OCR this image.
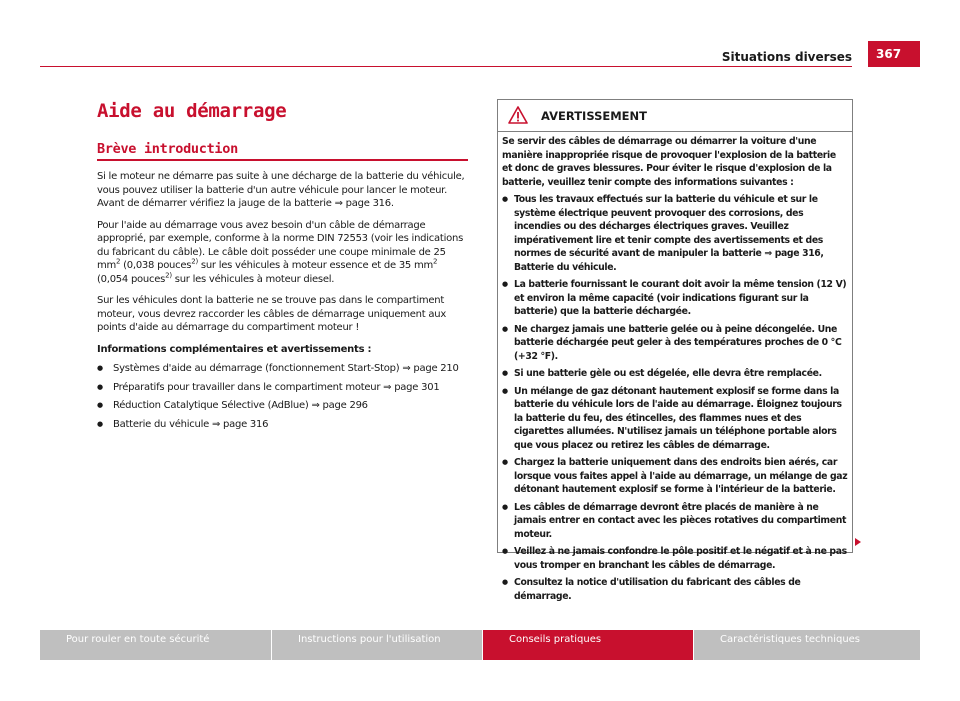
Situations diverses	367
Aide au démarrage
Brève introduction

Si le moteur ne démarre pas suite à une décharge de la batterie du véhicule, vous pouvez utiliser la batterie d'un autre véhicule pour lancer le moteur. Avant de démarrer vérifiez la jauge de la batterie ⇒ page 316.

Pour l'aide au démarrage vous avez besoin d'un câble de démarrage approprié, par exemple, conforme à la norme DIN 72553 (voir les indications du fabricant du câble). Le câble doit posséder une coupe minimale de 25 $mm^2$ (0,038 pouces$^{2)}$ sur les véhicules à moteur essence et de 35 $mm^2$ (0,054 pouces$^{2)}$ sur les véhicules à moteur diesel.

Sur les véhicules dont la batterie ne se trouve pas dans le compartiment moteur, vous devrez raccorder les câbles de démarrage uniquement aux points d'aide au démarrage du compartiment moteur !

Informations complémentaires et avertissements :

● Systèmes d'aide au démarrage (fonctionnement Start-Stop) ⇒ page 210
● Préparatifs pour travailler dans le compartiment moteur ⇒ page 301
● Réduction Catalytique Sélective (AdBlue) ⇒ page 296
● Batterie du véhicule ⇒ page 316
AVERTISSEMENT

Se servir des câbles de démarrage ou démarrer la voiture d'une manière inappropriée risque de provoquer l'explosion de la batterie et donc de graves blessures. Pour éviter le risque d'explosion de la batterie, veuillez tenir compte des informations suivantes :

● Tous les travaux effectués sur la batterie du véhicule et sur le système électrique peuvent provoquer des corrosions, des incendies ou des décharges électriques graves. Veuillez impérativement lire et tenir compte des avertissements et des normes de sécurité avant de manipuler la batterie ⇒ page 316, Batterie du véhicule.

● La batterie fournissant le courant doit avoir la même tension (12 V) et environ la même capacité (voir indications figurant sur la batterie) que la batterie déchargée.

● Ne chargez jamais une batterie gelée ou à peine décongelée. Une batterie déchargée peut geler à des températures proches de 0 °C (+32 °F).

● Si une batterie gèle ou est dégelée, elle devra être remplacée.

● Un mélange de gaz détonant hautement explosif se forme dans la batterie du véhicule lors de l'aide au démarrage. Éloignez toujours la batterie du feu, des étincelles, des flammes nues et des cigarettes allumées. N'utilisez jamais un téléphone portable alors que vous placez ou retirez les câbles de démarrage.

● Chargez la batterie uniquement dans des endroits bien aérés, car lorsque vous faites appel à l'aide au démarrage, un mélange de gaz détonant hautement explosif se forme à l'intérieur de la batterie.

● Les câbles de démarrage devront être placés de manière à ne jamais entrer en contact avec les pièces rotatives du compartiment moteur.

● Veillez à ne jamais confondre le pôle positif et le négatif et à ne pas vous tromper en branchant les câbles de démarrage.

● Consultez la notice d'utilisation du fabricant des câbles de démarrage.

Pour rouler en toute sécurité	Instructions pour l'utilisation	Conseils pratiques	Caractéristiques techniques
